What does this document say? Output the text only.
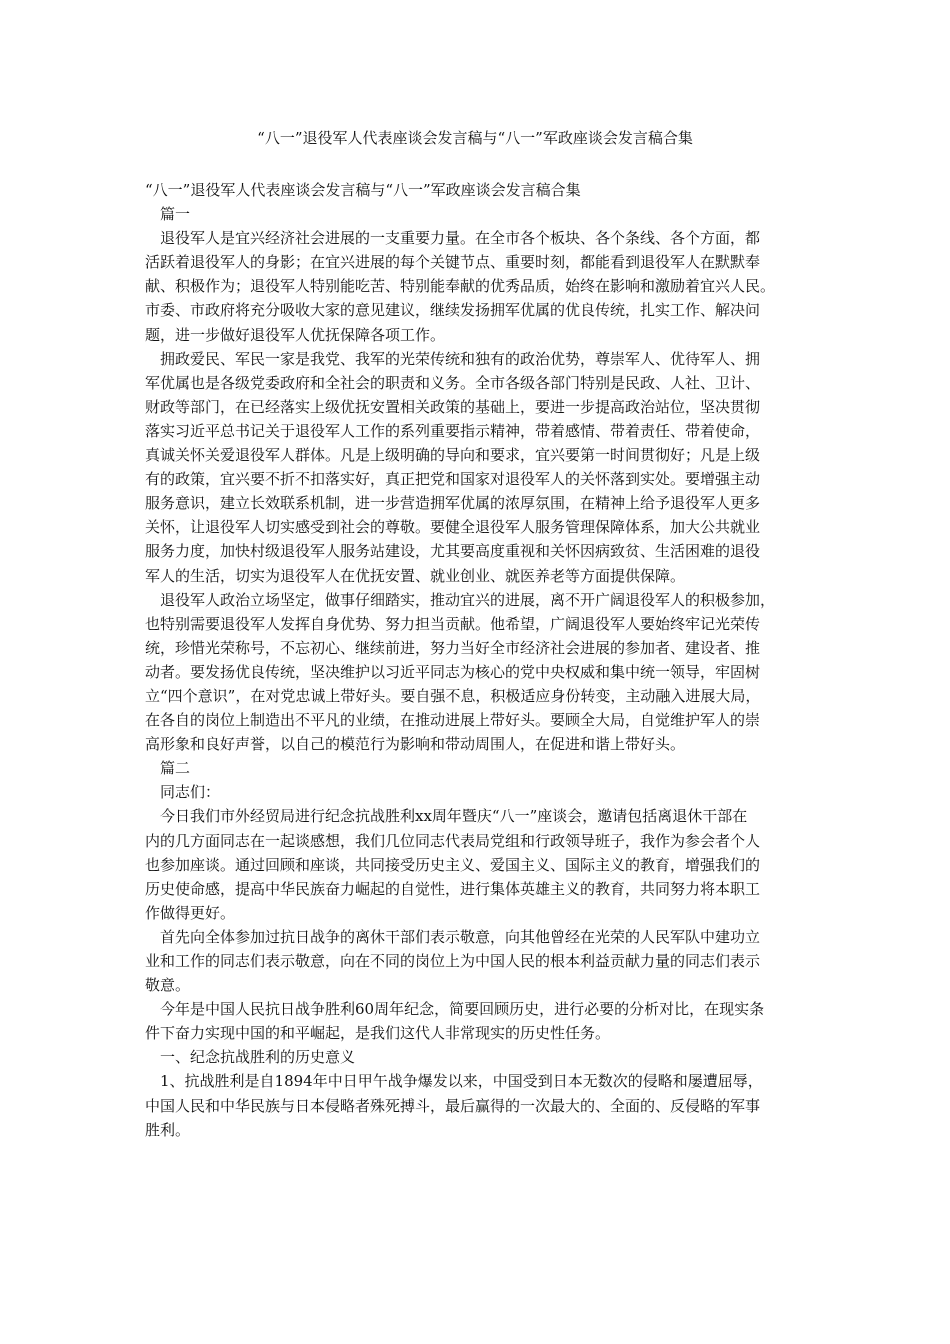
“八一”退役军人代表座谈会发言稿与“八一”军政座谈会发言稿合集

“八一”退役军人代表座谈会发言稿与“八一”军政座谈会发言稿合集

篇一

退役军人是宜兴经济社会进展的一支重要力量。在全市各个板块、各个条线、各个方面，都

活跃着退役军人的身影；在宜兴进展的每个关键节点、重要时刻，都能看到退役军人在默默奉

献、积极作为；退役军人特别能吃苦、特别能奉献的优秀品质，始终在影响和激励着宜兴人民。

市委、市政府将充分吸收大家的意见建议，继续发扬拥军优属的优良传统，扎实工作、解决问

题，进一步做好退役军人优抚保障各项工作。

拥政爱民、军民一家是我党、我军的光荣传统和独有的政治优势，尊崇军人、优待军人、拥

军优属也是各级党委政府和全社会的职责和义务。全市各级各部门特别是民政、人社、卫计、

财政等部门，在已经落实上级优抚安置相关政策的基础上，要进一步提高政治站位，坚决贯彻

落实习近平总书记关于退役军人工作的系列重要指示精神，带着感情、带着责任、带着使命，

真诚关怀关爱退役军人群体。凡是上级明确的导向和要求，宜兴要第一时间贯彻好；凡是上级

有的政策，宜兴要不折不扣落实好，真正把党和国家对退役军人的关怀落到实处。要增强主动

服务意识，建立长效联系机制，进一步营造拥军优属的浓厚氛围，在精神上给予退役军人更多

关怀，让退役军人切实感受到社会的尊敬。要健全退役军人服务管理保障体系，加大公共就业

服务力度，加快村级退役军人服务站建设，尤其要高度重视和关怀因病致贫、生活困难的退役

军人的生活，切实为退役军人在优抚安置、就业创业、就医养老等方面提供保障。

退役军人政治立场坚定，做事仔细踏实，推动宜兴的进展，离不开广阔退役军人的积极参加，

也特别需要退役军人发挥自身优势、努力担当贡献。他希望，广阔退役军人要始终牢记光荣传

统，珍惜光荣称号，不忘初心、继续前进，努力当好全市经济社会进展的参加者、建设者、推

动者。要发扬优良传统，坚决维护以习近平同志为核心的党中央权威和集中统一领导，牢固树

立“四个意识”，在对党忠诚上带好头。要自强不息，积极适应身份转变，主动融入进展大局，

在各自的岗位上制造出不平凡的业绩，在推动进展上带好头。要顾全大局，自觉维护军人的崇

高形象和良好声誉，以自己的模范行为影响和带动周围人，在促进和谐上带好头。

篇二

同志们：

今日我们市外经贸局进行纪念抗战胜利xx周年暨庆“八一”座谈会，邀请包括离退休干部在

内的几方面同志在一起谈感想，我们几位同志代表局党组和行政领导班子，我作为参会者个人

也参加座谈。通过回顾和座谈，共同接受历史主义、爱国主义、国际主义的教育，增强我们的

历史使命感，提高中华民族奋力崛起的自觉性，进行集体英雄主义的教育，共同努力将本职工

作做得更好。

首先向全体参加过抗日战争的离休干部们表示敬意，向其他曾经在光荣的人民军队中建功立

业和工作的同志们表示敬意，向在不同的岗位上为中国人民的根本利益贡献力量的同志们表示

敬意。

今年是中国人民抗日战争胜利60周年纪念，简要回顾历史，进行必要的分析对比，在现实条

件下奋力实现中国的和平崛起，是我们这代人非常现实的历史性任务。

一、纪念抗战胜利的历史意义

1、抗战胜利是自1894年中日甲午战争爆发以来，中国受到日本无数次的侵略和屡遭屈辱，

中国人民和中华民族与日本侵略者殊死搏斗，最后赢得的一次最大的、全面的、反侵略的军事

胜利。
